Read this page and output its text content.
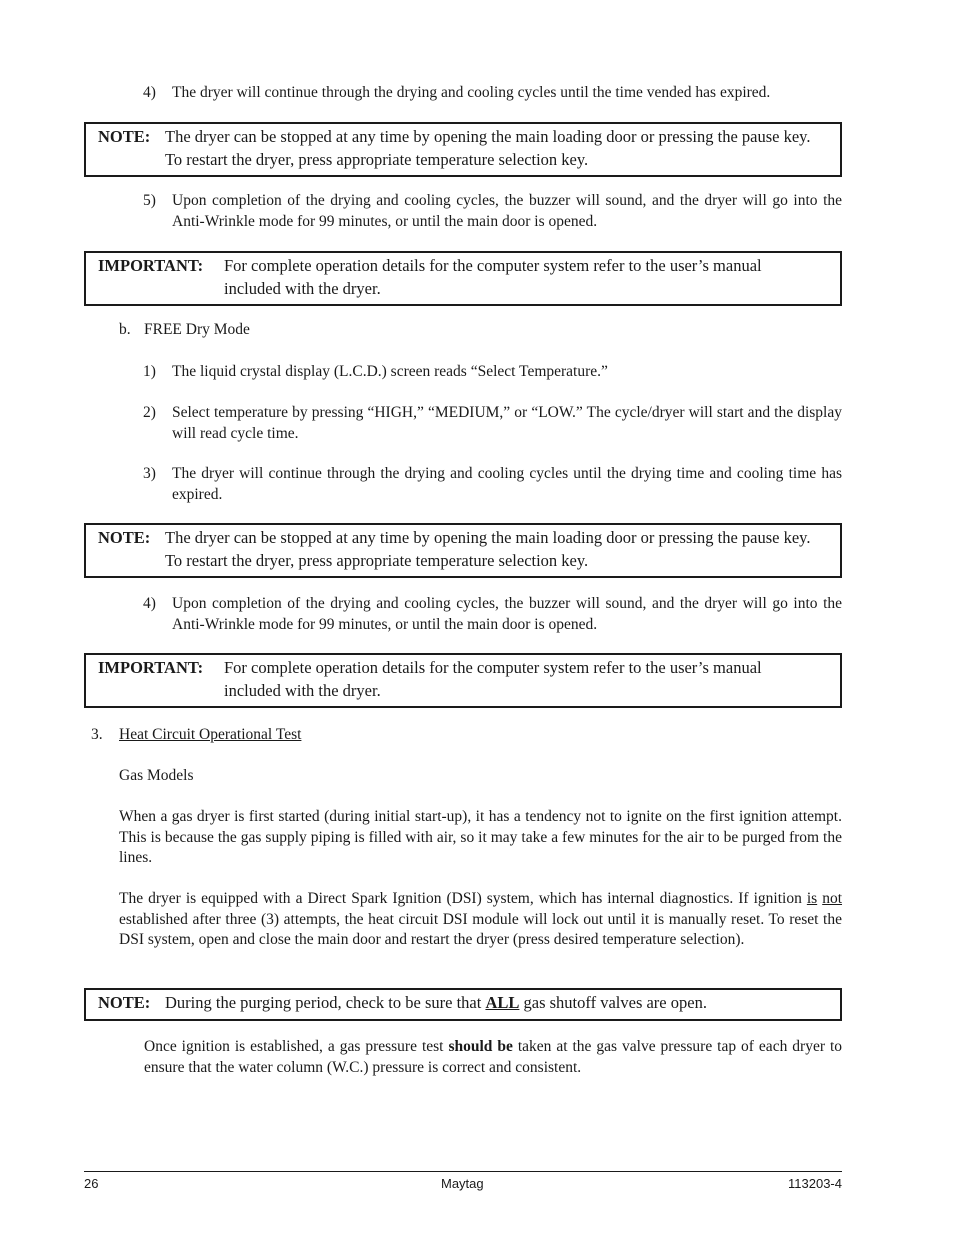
4) The dryer will continue through the drying and cooling cycles until the time vended has expired.
NOTE: The dryer can be stopped at any time by opening the main loading door or pressing the pause key. To restart the dryer, press appropriate temperature selection key.
5) Upon completion of the drying and cooling cycles, the buzzer will sound, and the dryer will go into the Anti-Wrinkle mode for 99 minutes, or until the main door is opened.
IMPORTANT: For complete operation details for the computer system refer to the user’s manual included with the dryer.
b. FREE Dry Mode
1) The liquid crystal display (L.C.D.) screen reads “Select Temperature.”
2) Select temperature by pressing “HIGH,” “MEDIUM,” or “LOW.” The cycle/dryer will start and the display will read cycle time.
3) The dryer will continue through the drying and cooling cycles until the drying time and cooling time has expired.
NOTE: The dryer can be stopped at any time by opening the main loading door or pressing the pause key. To restart the dryer, press appropriate temperature selection key.
4) Upon completion of the drying and cooling cycles, the buzzer will sound, and the dryer will go into the Anti-Wrinkle mode for 99 minutes, or until the main door is opened.
IMPORTANT: For complete operation details for the computer system refer to the user’s manual included with the dryer.
3. Heat Circuit Operational Test
Gas Models
When a gas dryer is first started (during initial start-up), it has a tendency not to ignite on the first ignition attempt. This is because the gas supply piping is filled with air, so it may take a few minutes for the air to be purged from the lines.
The dryer is equipped with a Direct Spark Ignition (DSI) system, which has internal diagnostics. If ignition is not established after three (3) attempts, the heat circuit DSI module will lock out until it is manually reset. To reset the DSI system, open and close the main door and restart the dryer (press desired temperature selection).
NOTE: During the purging period, check to be sure that ALL gas shutoff valves are open.
Once ignition is established, a gas pressure test should be taken at the gas valve pressure tap of each dryer to ensure that the water column (W.C.) pressure is correct and consistent.
26	Maytag	113203-4
